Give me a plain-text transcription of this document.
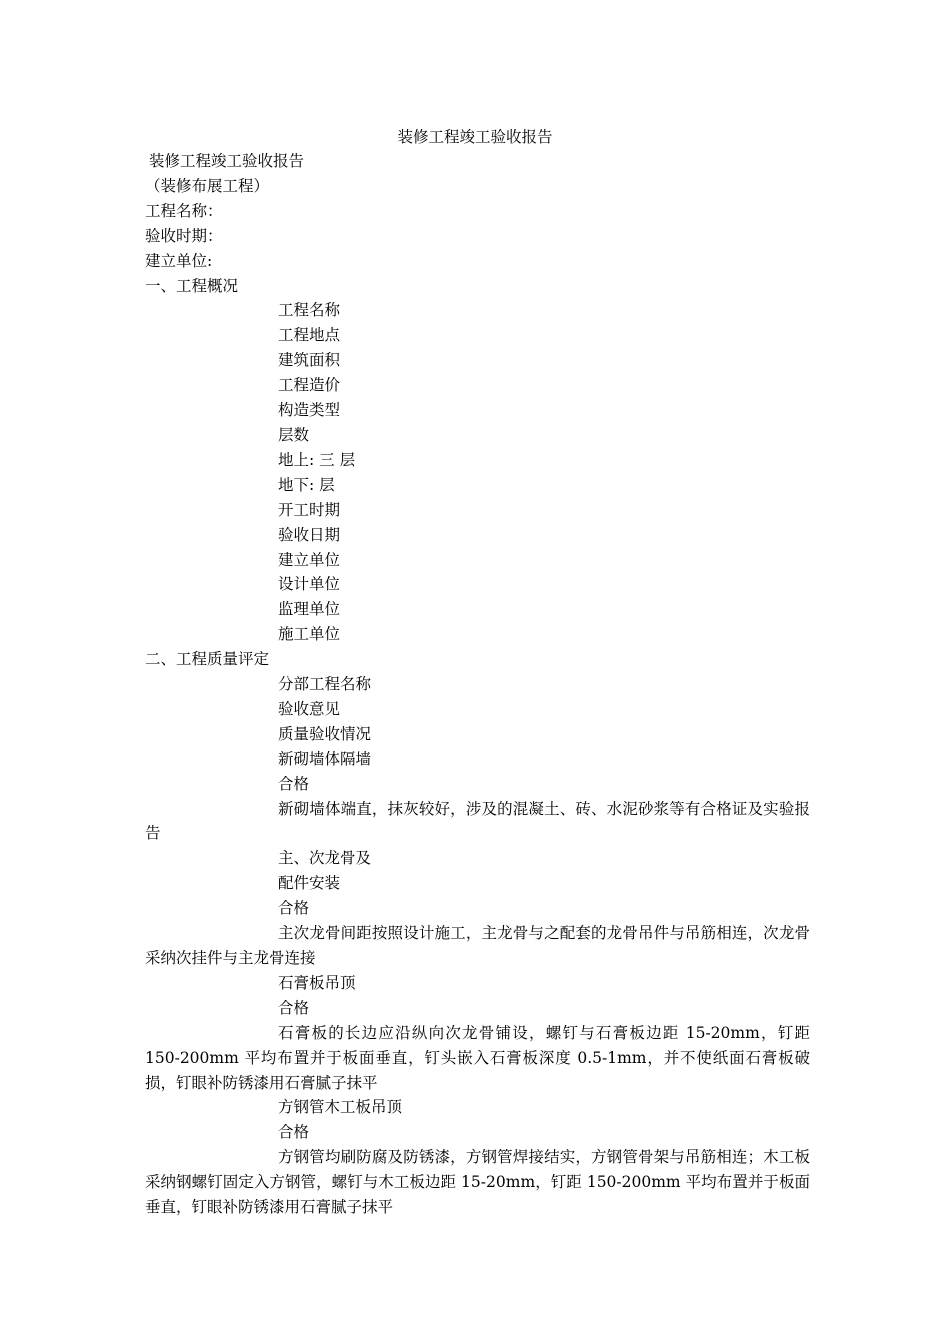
装修工程竣工验收报告
装修工程竣工验收报告
（装修布展工程）
工程名称：
验收时期：
建立单位:
一、工程概况
工程名称
工程地点
建筑面积
工程造价
构造类型
层数
地上: 三 层
地下: 层
开工时期
验收日期
建立单位
设计单位
监理单位
施工单位
二、工程质量评定
分部工程名称
验收意见
质量验收情况
新砌墙体隔墙
合格
新砌墙体端直，抹灰较好，涉及的混凝土、砖、水泥砂浆等有合格证及实验报告
主、次龙骨及
配件安装
合格
主次龙骨间距按照设计施工，主龙骨与之配套的龙骨吊件与吊筋相连，次龙骨采纳次挂件与主龙骨连接
石膏板吊顶
合格
石膏板的长边应沿纵向次龙骨铺设，螺钉与石膏板边距 15-20mm，钉距 150-200mm 平均布置并于板面垂直，钉头嵌入石膏板深度 0.5-1mm，并不使纸面石膏板破损，钉眼补防锈漆用石膏腻子抹平
方钢管木工板吊顶
合格
方钢管均刷防腐及防锈漆，方钢管焊接结实，方钢管骨架与吊筋相连；木工板采纳钢螺钉固定入方钢管，螺钉与木工板边距 15-20mm，钉距 150-200mm 平均布置并于板面垂直，钉眼补防锈漆用石膏腻子抹平
